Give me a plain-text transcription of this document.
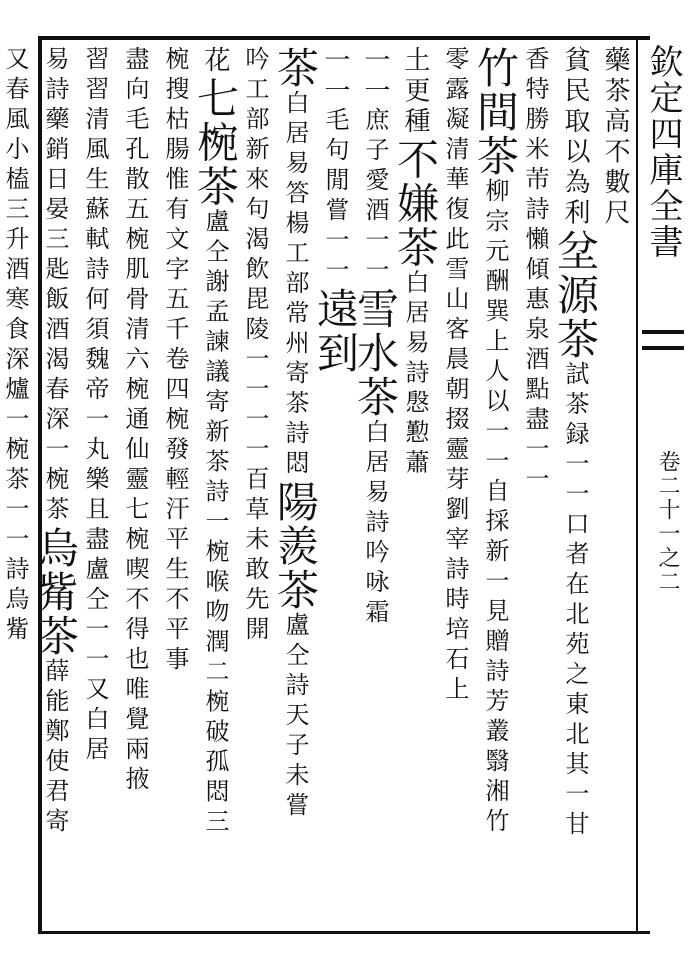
欽定四庫全書
卷二十一之二
藥茶高不數尺
貧民取以為利坌源茶試茶録一一口者在北苑之東北其一甘
香特勝米芾詩懶傾惠泉酒點盡一一
竹間茶柳宗元酬巽上人以一一自採新一見贈詩芳叢翳湘竹
零露凝清華復此雪山客晨朝掇靈芽劉宰詩時培石上
土更種不嫌茶白居易詩慇懃蕭
一一庶子愛酒一一雪水茶白居易詩吟咏霜
一一毛句閒嘗一一遠到
茶白居易答楊工部常州寄茶詩悶陽羨茶盧仝詩天子未嘗
吟工部新來句渴飲毘陵一一一一百草未敢先開
花七椀茶盧仝謝孟諫議寄新茶詩一椀喉吻潤二椀破孤悶三
椀搜枯腸惟有文字五千卷四椀發輕汗平生不平事
盡向毛孔散五椀肌骨清六椀通仙靈七椀喫不得也唯覺兩掖
習習清風生蘇軾詩何須魏帝一丸樂且盡盧仝一一又白居
易詩藥銷日晏三匙飯酒渴春深一椀茶烏觜茶薛能鄭使君寄
又春風小榼三升酒寒食深爐一椀茶一一詩烏觜
